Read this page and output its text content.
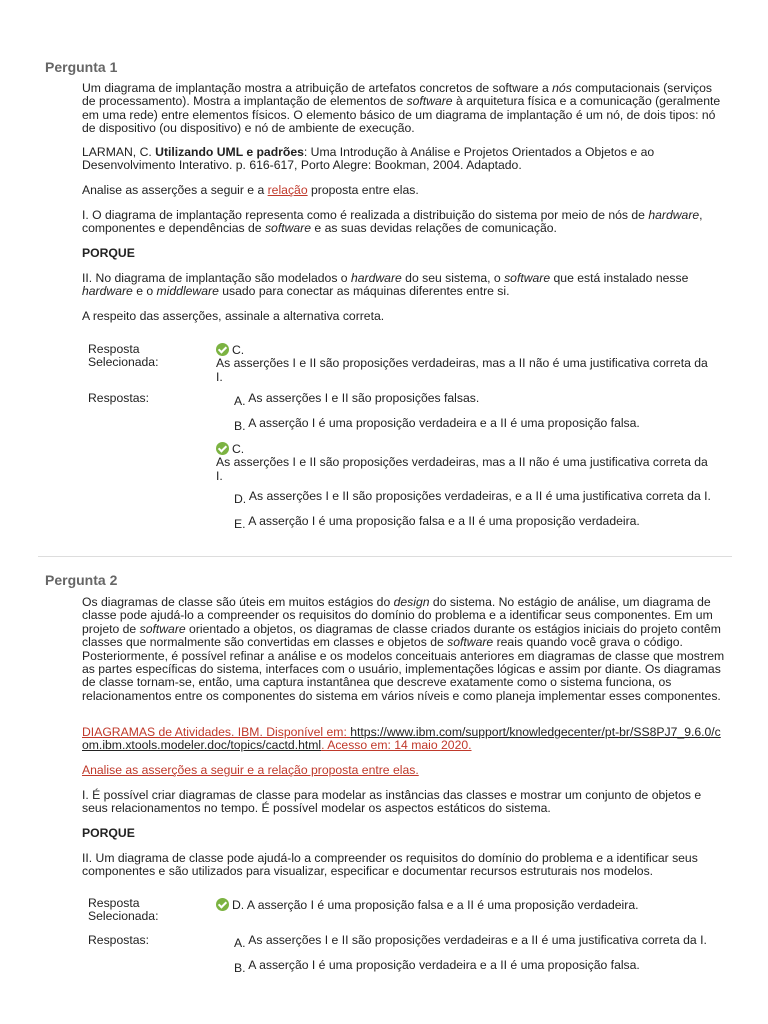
Pergunta 1

Um diagrama de implantação mostra a atribuição de artefatos concretos de software a nós computacionais (serviços de processamento). Mostra a implantação de elementos de software à arquitetura física e a comunicação (geralmente em uma rede) entre elementos físicos. O elemento básico de um diagrama de implantação é um nó, de dois tipos: nó de dispositivo (ou dispositivo) e nó de ambiente de execução.

LARMAN, C. Utilizando UML e padrões: Uma Introdução à Análise e Projetos Orientados a Objetos e ao Desenvolvimento Interativo. p. 616-617, Porto Alegre: Bookman, 2004. Adaptado.

Analise as asserções a seguir e a relação proposta entre elas.

I. O diagrama de implantação representa como é realizada a distribuição do sistema por meio de nós de hardware, componentes e dependências de software e as suas devidas relações de comunicação.

PORQUE

II. No diagrama de implantação são modelados o hardware do seu sistema, o software que está instalado nesse hardware e o middleware usado para conectar as máquinas diferentes entre si.

A respeito das asserções, assinale a alternativa correta.
Resposta
Selecionada:
C.
As asserções I e II são proposições verdadeiras, mas a II não é uma justificativa correta da I.
Respostas:	A. As asserções I e II são proposições falsas.
B. A asserção I é uma proposição verdadeira e a II é uma proposição falsa.
C.
As asserções I e II são proposições verdadeiras, mas a II não é uma justificativa correta da I.
D. As asserções I e II são proposições verdadeiras, e a II é uma justificativa correta da I.
E. A asserção I é uma proposição falsa e a II é uma proposição verdadeira.
Pergunta 2

Os diagramas de classe são úteis em muitos estágios do design do sistema. No estágio de análise, um diagrama de classe pode ajudá-lo a compreender os requisitos do domínio do problema e a identificar seus componentes. Em um projeto de software orientado a objetos, os diagramas de classe criados durante os estágios iniciais do projeto contêm classes que normalmente são convertidas em classes e objetos de software reais quando você grava o código. Posteriormente, é possível refinar a análise e os modelos conceituais anteriores em diagramas de classe que mostrem as partes específicas do sistema, interfaces com o usuário, implementações lógicas e assim por diante. Os diagramas de classe tornam-se, então, uma captura instantânea que descreve exatamente como o sistema funciona, os relacionamentos entre os componentes do sistema em vários níveis e como planeja implementar esses componentes.

DIAGRAMAS de Atividades. IBM. Disponível em: https://www.ibm.com/support/knowledgecenter/pt-br/SS8PJ7_9.6.0/com.ibm.xtools.modeler.doc/topics/cactd.html. Acesso em: 14 maio 2020.

Analise as asserções a seguir e a relação proposta entre elas.

I. É possível criar diagramas de classe para modelar as instâncias das classes e mostrar um conjunto de objetos e seus relacionamentos no tempo. É possível modelar os aspectos estáticos do sistema.
PORQUE
II. Um diagrama de classe pode ajudá-lo a compreender os requisitos do domínio do problema e a identificar seus componentes e são utilizados para visualizar, especificar e documentar recursos estruturais nos modelos.
Resposta
Selecionada:
D. A asserção I é uma proposição falsa e a II é uma proposição verdadeira.
Respostas:	A. As asserções I e II são proposições verdadeiras e a II é uma justificativa correta da I.
B. A asserção I é uma proposição verdadeira e a II é uma proposição falsa.
